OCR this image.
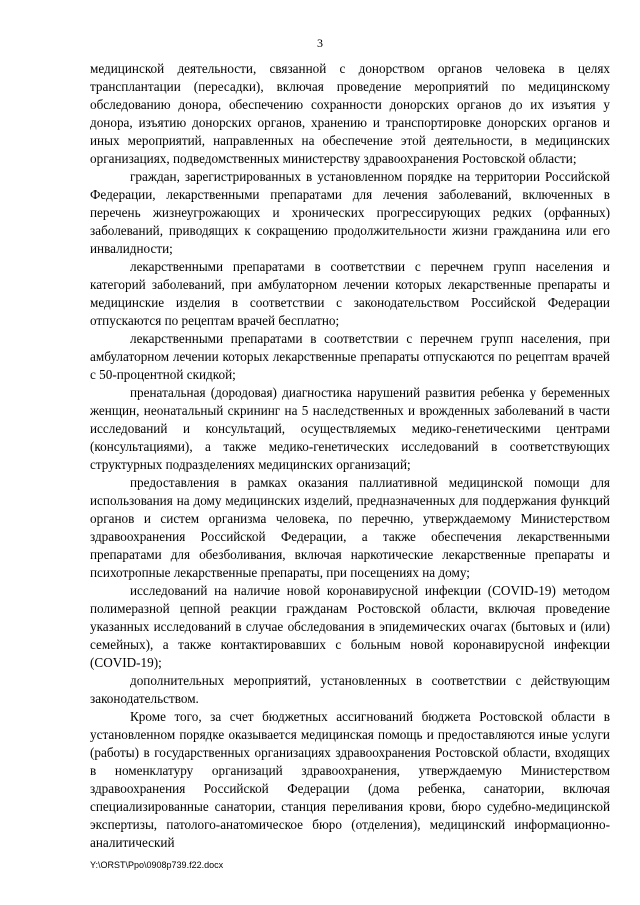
3

медицинской деятельности, связанной с донорством органов человека в целях трансплантации (пересадки), включая проведение мероприятий по медицинскому обследованию донора, обеспечению сохранности донорских органов до их изъятия у донора, изъятию донорских органов, хранению и транспортировке донорских органов и иных мероприятий, направленных на обеспечение этой деятельности, в медицинских организациях, подведомственных министерству здравоохранения Ростовской области;

граждан, зарегистрированных в установленном порядке на территории Российской Федерации, лекарственными препаратами для лечения заболеваний, включенных в перечень жизнеугрожающих и хронических прогрессирующих редких (орфанных) заболеваний, приводящих к сокращению продолжительности жизни гражданина или его инвалидности;

лекарственными препаратами в соответствии с перечнем групп населения и категорий заболеваний, при амбулаторном лечении которых лекарственные препараты и медицинские изделия в соответствии с законодательством Российской Федерации отпускаются по рецептам врачей бесплатно;

лекарственными препаратами в соответствии с перечнем групп населения, при амбулаторном лечении которых лекарственные препараты отпускаются по рецептам врачей с 50-процентной скидкой;

пренатальная (дородовая) диагностика нарушений развития ребенка у беременных женщин, неонатальный скрининг на 5 наследственных и врожденных заболеваний в части исследований и консультаций, осуществляемых медико-генетическими центрами (консультациями), а также медико-генетических исследований в соответствующих структурных подразделениях медицинских организаций;

предоставления в рамках оказания паллиативной медицинской помощи для использования на дому медицинских изделий, предназначенных для поддержания функций органов и систем организма человека, по перечню, утверждаемому Министерством здравоохранения Российской Федерации, а также обеспечения лекарственными препаратами для обезболивания, включая наркотические лекарственные препараты и психотропные лекарственные препараты, при посещениях на дому;

исследований на наличие новой коронавирусной инфекции (COVID-19) методом полимеразной цепной реакции гражданам Ростовской области, включая проведение указанных исследований в случае обследования в эпидемических очагах (бытовых и (или) семейных), а также контактировавших с больным новой коронавирусной инфекции (COVID-19);

дополнительных мероприятий, установленных в соответствии с действующим законодательством.

Кроме того, за счет бюджетных ассигнований бюджета Ростовской области в установленном порядке оказывается медицинская помощь и предоставляются иные услуги (работы) в государственных организациях здравоохранения Ростовской области, входящих в номенклатуру организаций здравоохранения, утверждаемую Министерством здравоохранения Российской Федерации (дома ребенка, санатории, включая специализированные санатории, станция переливания крови, бюро судебно-медицинской экспертизы, патолого-анатомическое бюро (отделения), медицинский информационно-аналитический

Y:\ORST\Ppo\0908p739.f22.docx
